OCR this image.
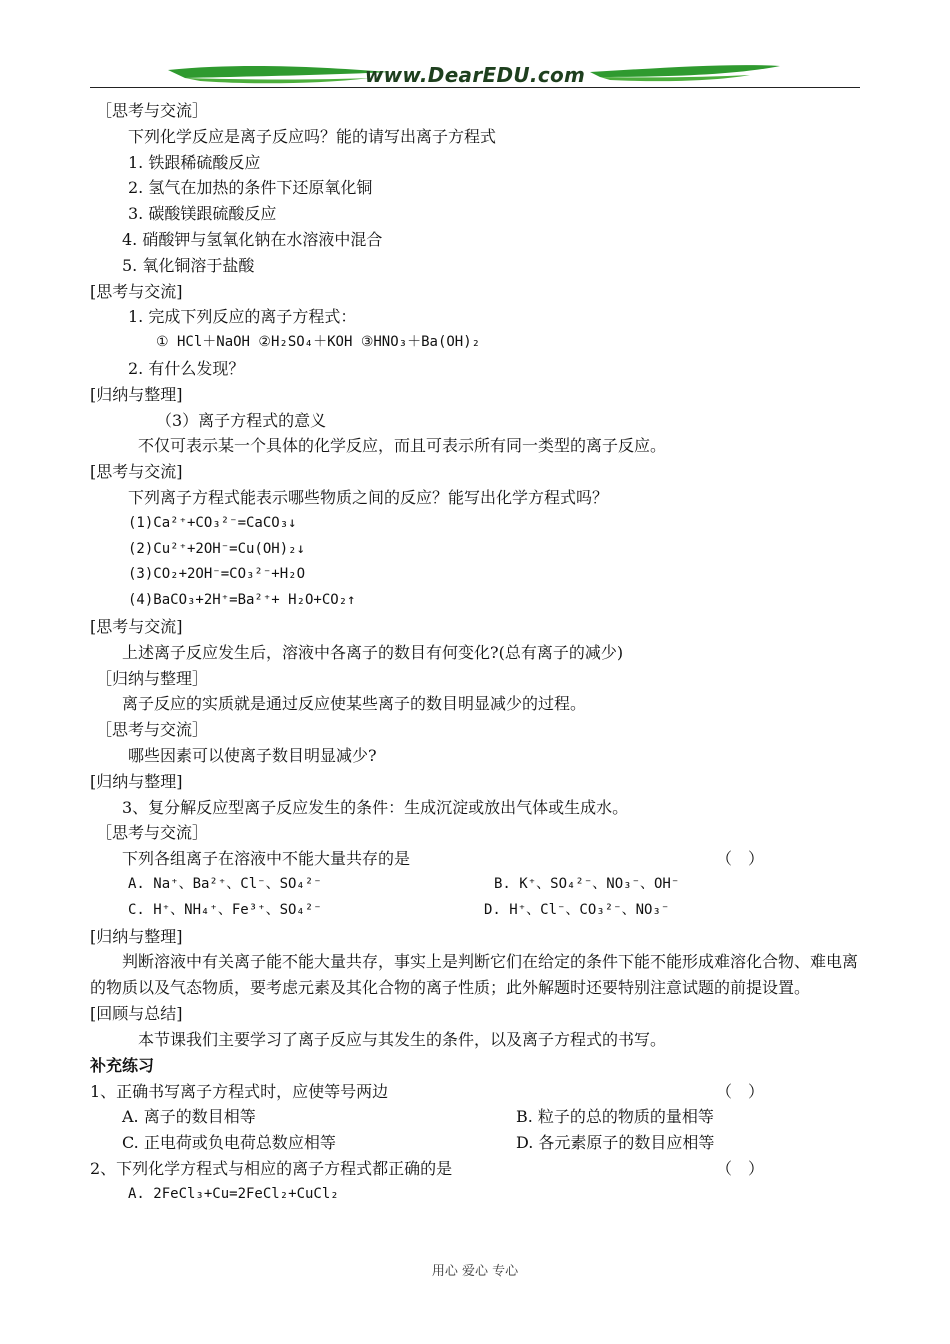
www.DearEDU.com
［思考与交流］
下列化学反应是离子反应吗？能的请写出离子方程式
1. 铁跟稀硫酸反应
2. 氢气在加热的条件下还原氧化铜
3. 碳酸镁跟硫酸反应
4. 硝酸钾与氢氧化钠在水溶液中混合
5. 氧化铜溶于盐酸
[思考与交流]
1. 完成下列反应的离子方程式：
① HCl＋NaOH ②H₂SO₄＋KOH ③HNO₃＋Ba(OH)₂
2. 有什么发现？
[归纳与整理]
（3）离子方程式的意义
不仅可表示某一个具体的化学反应，而且可表示所有同一类型的离子反应。
[思考与交流]
下列离子方程式能表示哪些物质之间的反应？能写出化学方程式吗？
(1)Ca²⁺+CO₃²⁻=CaCO₃↓
(2)Cu²⁺+2OH⁻=Cu(OH)₂↓
(3)CO₂+2OH⁻=CO₃²⁻+H₂O
(4)BaCO₃+2H⁺=Ba²⁺+ H₂O+CO₂↑
[思考与交流]
上述离子反应发生后，溶液中各离子的数目有何变化?(总有离子的减少)
［归纳与整理］
离子反应的实质就是通过反应使某些离子的数目明显减少的过程。
［思考与交流］
哪些因素可以使离子数目明显减少?
[归纳与整理]
3、复分解反应型离子反应发生的条件：生成沉淀或放出气体或生成水。
［思考与交流］
下列各组离子在溶液中不能大量共存的是	（　）
A. Na⁺、Ba²⁺、Cl⁻、SO₄²⁻	B. K⁺、SO₄²⁻、NO₃⁻、OH⁻
C. H⁺、NH₄⁺、Fe³⁺、SO₄²⁻	D. H⁺、Cl⁻、CO₃²⁻、NO₃⁻
[归纳与整理]
判断溶液中有关离子能不能大量共存，事实上是判断它们在给定的条件下能不能形成难溶化合物、难电离的物质以及气态物质，要考虑元素及其化合物的离子性质；此外解题时还要特别注意试题的前提设置。
[回顾与总结]
本节课我们主要学习了离子反应与其发生的条件，以及离子方程式的书写。
补充练习
1、正确书写离子方程式时，应使等号两边	（　）
A. 离子的数目相等	B. 粒子的总的物质的量相等
C. 正电荷或负电荷总数应相等	D. 各元素原子的数目应相等
2、下列化学方程式与相应的离子方程式都正确的是	（　）
A. 2FeCl₃+Cu=2FeCl₂+CuCl₂
用心 爱心 专心
